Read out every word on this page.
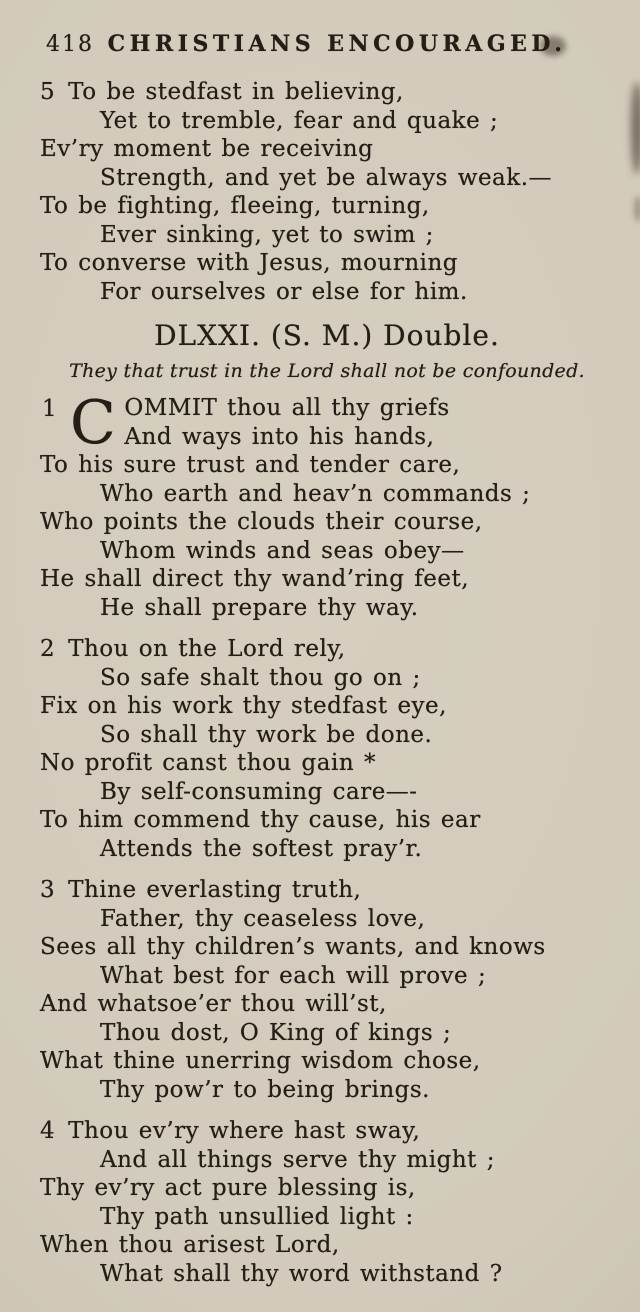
418 CHRISTIANS ENCOURAGED.
5 To be stedfast in believing,
Yet to tremble, fear and quake ;
Ev’ry moment be receiving
Strength, and yet be always weak.—
To be fighting, fleeing, turning,
Ever sinking, yet to swim ;
To converse with Jesus, mourning
For ourselves or else for him.
DLXXI. (S. M.) Double.

They that trust in the Lord shall not be confounded.

1 C OMMIT thou all thy griefs
And ways into his hands,
To his sure trust and tender care,
Who earth and heav’n commands ;
Who points the clouds their course,
Whom winds and seas obey—
He shall direct thy wand’ring feet,
He shall prepare thy way.
2 Thou on the Lord rely,
So safe shalt thou go on ;
Fix on his work thy stedfast eye,
So shall thy work be done.
No profit canst thou gain *
By self-consuming care—-
To him commend thy cause, his ear
Attends the softest pray’r.
3 Thine everlasting truth,
Father, thy ceaseless love,
Sees all thy children’s wants, and knows
What best for each will prove ;
And whatsoe’er thou will’st,
Thou dost, O King of kings ;
What thine unerring wisdom chose,
Thy pow’r to being brings.
4 Thou ev’ry where hast sway,
And all things serve thy might ;
Thy ev’ry act pure blessing is,
Thy path unsullied light :
When thou arisest Lord,
What shall thy word withstand ?
